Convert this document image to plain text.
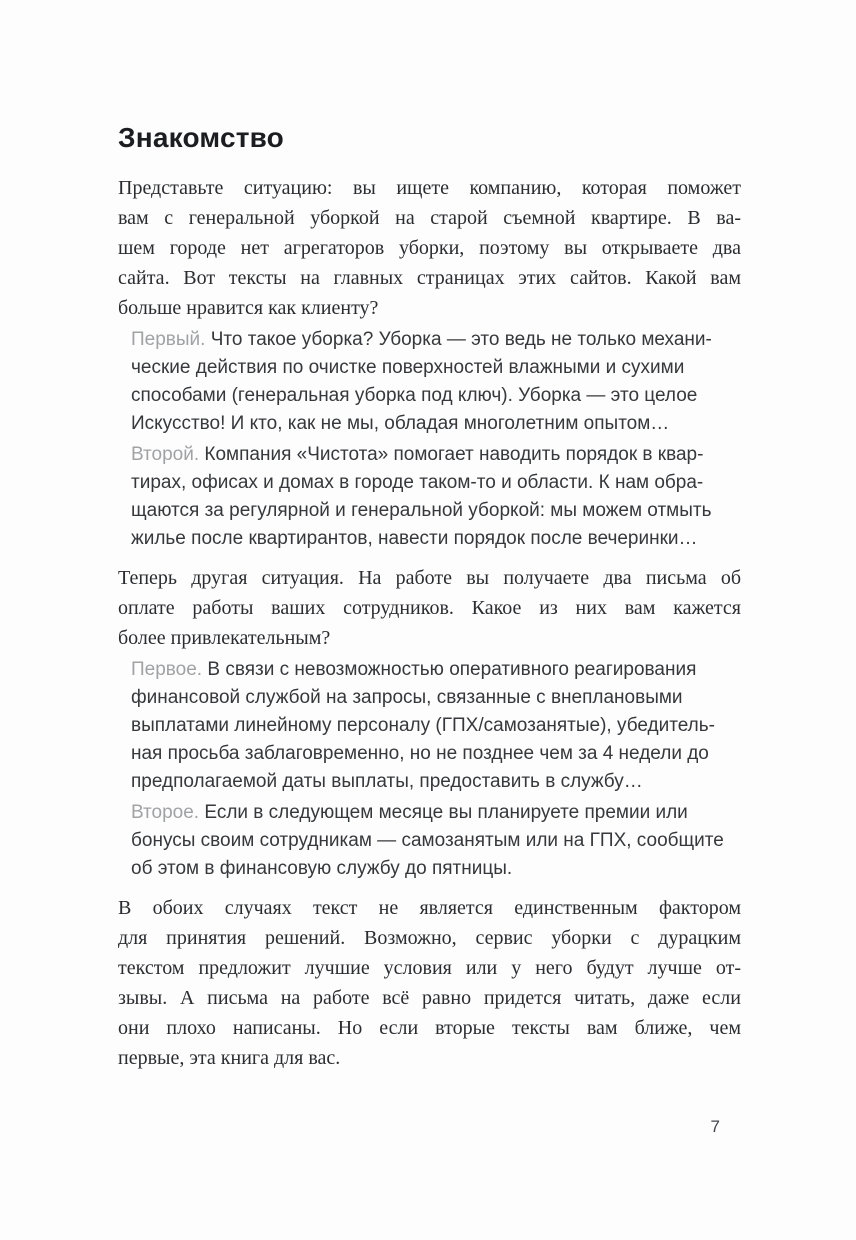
Знакомство
Представьте ситуацию: вы ищете компанию, которая поможет
вам с генеральной уборкой на старой съемной квартире. В ва-
шем городе нет агрегаторов уборки, поэтому вы открываете два
сайта. Вот тексты на главных страницах этих сайтов. Какой вам
больше нравится как клиенту?
Первый. Что такое уборка? Уборка — это ведь не только механи-
ческие действия по очистке поверхностей влажными и сухими
способами (генеральная уборка под ключ). Уборка — это целое
Искусство! И кто, как не мы, обладая многолетним опытом…
Второй. Компания «Чистота» помогает наводить порядок в квар-
тирах, офисах и домах в городе таком-то и области. К нам обра-
щаются за регулярной и генеральной уборкой: мы можем отмыть
жилье после квартирантов, навести порядок после вечеринки…
Теперь другая ситуация. На работе вы получаете два письма об
оплате работы ваших сотрудников. Какое из них вам кажется
более привлекательным?
Первое. В связи с невозможностью оперативного реагирования
финансовой службой на запросы, связанные с внеплановыми
выплатами линейному персоналу (ГПХ/самозанятые), убедитель-
ная просьба заблаговременно, но не позднее чем за 4 недели до
предполагаемой даты выплаты, предоставить в службу…
Второе. Если в следующем месяце вы планируете премии или
бонусы своим сотрудникам — самозанятым или на ГПХ, сообщите
об этом в финансовую службу до пятницы.
В обоих случаях текст не является единственным фактором
для принятия решений. Возможно, сервис уборки с дурацким
текстом предложит лучшие условия или у него будут лучше от-
зывы. А письма на работе всё равно придется читать, даже если
они плохо написаны. Но если вторые тексты вам ближе, чем
первые, эта книга для вас.
7
